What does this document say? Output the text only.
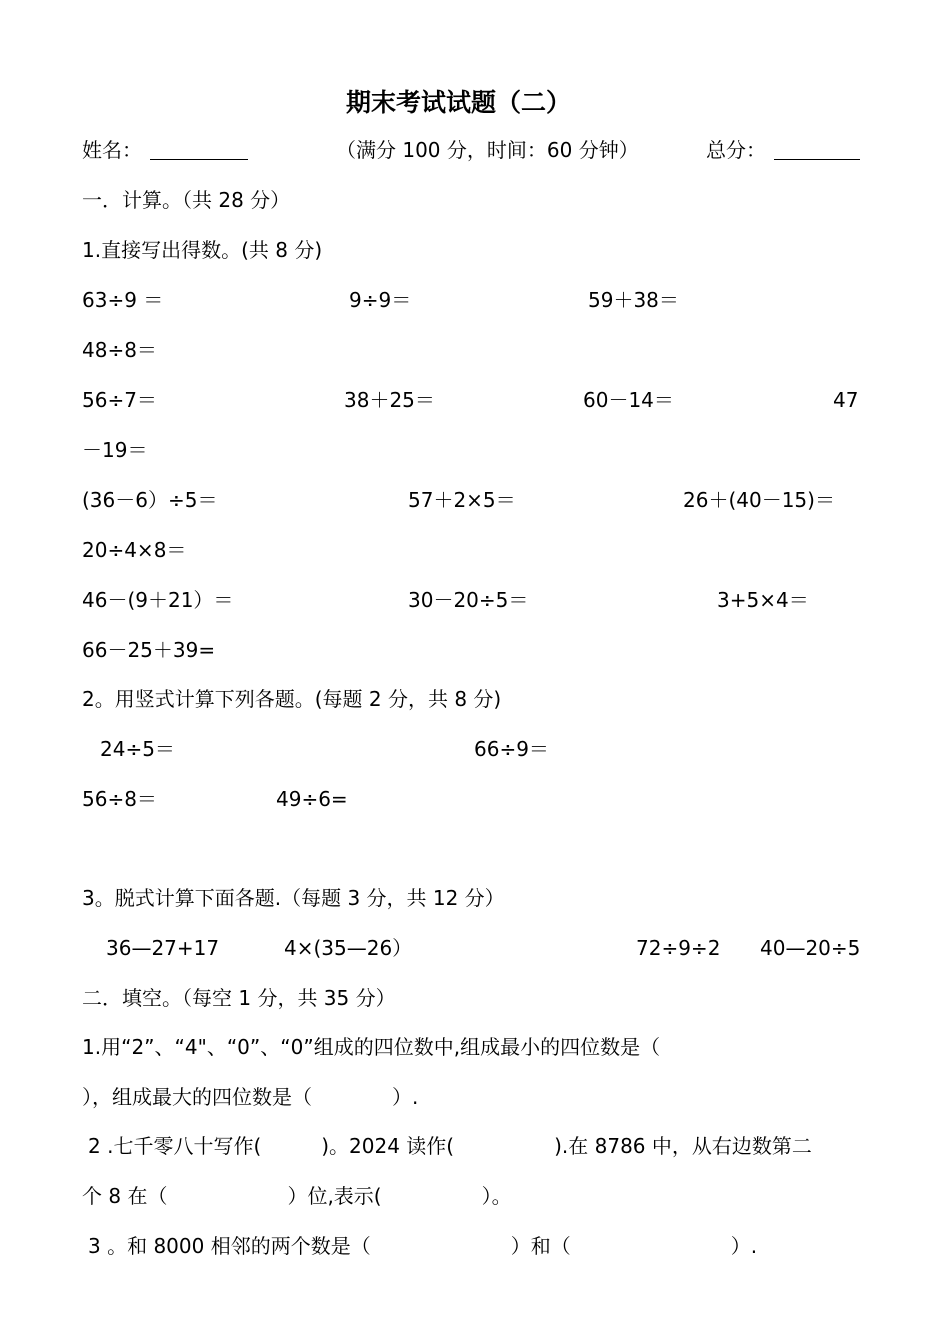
期末考试试题（二）
姓名：	（满分 100 分，时间：60 分钟）	总分：
一．计算。（共 28 分）
1.直接写出得数。(共 8 分)
63÷9 ＝	9÷9＝	59＋38＝
48÷8＝
56÷7＝	38＋25＝	60－14＝	47
－19＝
(36－6）÷5＝	57＋2×5＝	26＋(40－15)＝
20÷4×8＝
46－(9＋21）＝	30－20÷5＝	3+5×4＝
66－25＋39=
2。用竖式计算下列各题。(每题 2 分，共 8 分)
24÷5＝	66÷9＝
56÷8＝	49÷6=
3。脱式计算下面各题.（每题 3 分，共 12 分）
36—27+17	4×(35—26）	72÷9÷2 40—20÷5
二．填空。（每空 1 分，共 35 分）
1.用“2”、“4"、“0”、“0”组成的四位数中,组成最小的四位数是（
），组成最大的四位数是（　　　　）.
2 .七千零八十写作(　　　)。2024 读作(　　　　　).在 8786 中，从右边数第二
个 8 在（　　　　　　）位,表示(　　　　　）。
3 。和 8000 相邻的两个数是（　　　　　　　）和（　　　　　　　　）.
